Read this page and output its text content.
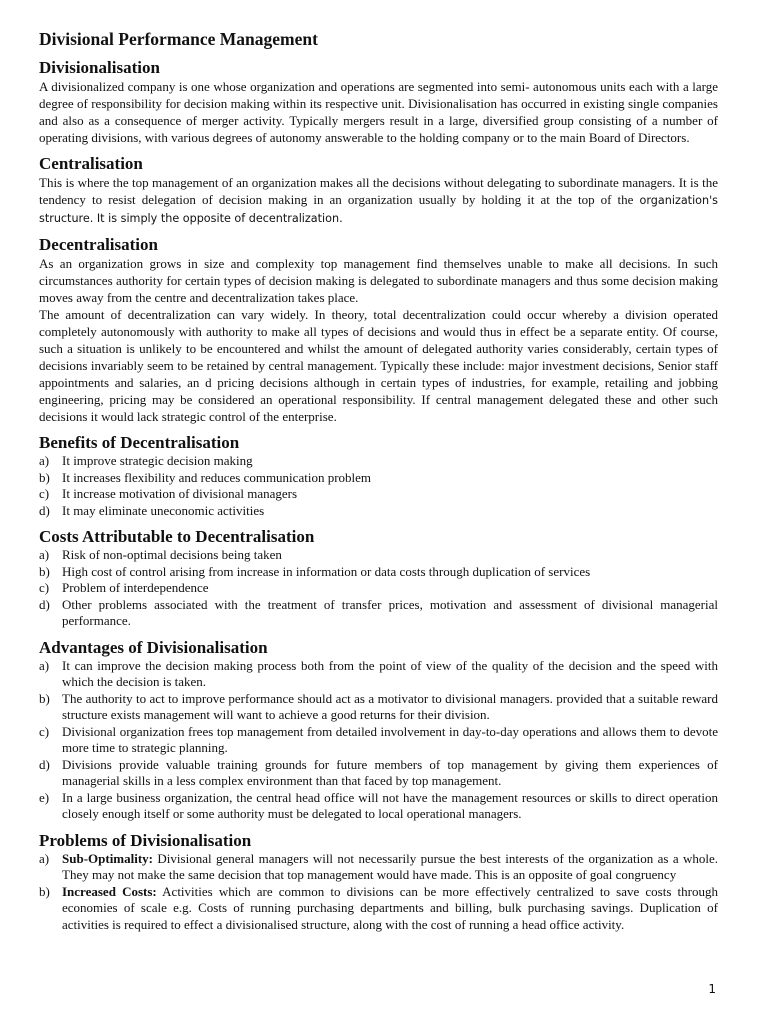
Divisional Performance Management
Divisionalisation

A divisionalized company is one whose organization and operations are segmented into semi- autonomous units each with a large degree of responsibility for decision making within its respective unit. Divisionalisation has occurred in existing single companies and also as a consequence of merger activity. Typically mergers result in a large, diversified group consisting of a number of operating divisions, with various degrees of autonomy answerable to the holding company or to the main Board of Directors.

Centralisation

This is where the top management of an organization makes all the decisions without delegating to subordinate managers. It is the tendency to resist delegation of decision making in an organization usually by holding it at the top of the organization's structure. It is simply the opposite of decentralization.

Decentralisation

As an organization grows in size and complexity top management find themselves unable to make all decisions. In such circumstances authority for certain types of decision making is delegated to subordinate managers and thus some decision making moves away from the centre and decentralization takes place.

The amount of decentralization can vary widely. In theory, total decentralization could occur whereby a division operated completely autonomously with authority to make all types of decisions and would thus in effect be a separate entity. Of course, such a situation is unlikely to be encountered and whilst the amount of delegated authority varies considerably, certain types of decisions invariably seem to be retained by central management. Typically these include: major investment decisions, Senior staff appointments and salaries, an d pricing decisions although in certain types of industries, for example, retailing and jobbing engineering, pricing may be considered an operational responsibility. If central management delegated these and other such decisions it would lack strategic control of the enterprise.

Benefits of Decentralisation
a) It improve strategic decision making
b) It increases flexibility and reduces communication problem
c) It increase motivation of divisional managers
d) It may eliminate uneconomic activities
Costs Attributable to Decentralisation
a) Risk of non-optimal decisions being taken
b) High cost of control arising from increase in information or data costs through duplication of services
c) Problem of interdependence
d) Other problems associated with the treatment of transfer prices, motivation and assessment of divisional managerial performance.
Advantages of Divisionalisation
a) It can improve the decision making process both from the point of view of the quality of the decision and the speed with which the decision is taken.
b) The authority to act to improve performance should act as a motivator to divisional managers. provided that a suitable reward structure exists management will want to achieve a good returns for their division.
c) Divisional organization frees top management from detailed involvement in day-to-day operations and allows them to devote more time to strategic planning.
d) Divisions provide valuable training grounds for future members of top management by giving them experiences of managerial skills in a less complex environment than that faced by top management.
e) In a large business organization, the central head office will not have the management resources or skills to direct operation closely enough itself or some authority must be delegated to local operational managers.
Problems of Divisionalisation
a) Sub-Optimality: Divisional general managers will not necessarily pursue the best interests of the organization as a whole. They may not make the same decision that top management would have made. This is an opposite of goal congruency
b) Increased Costs: Activities which are common to divisions can be more effectively centralized to save costs through economies of scale e.g. Costs of running purchasing departments and billing, bulk purchasing savings. Duplication of activities is required to effect a divisionalised structure, along with the cost of running a head office activity.
1
